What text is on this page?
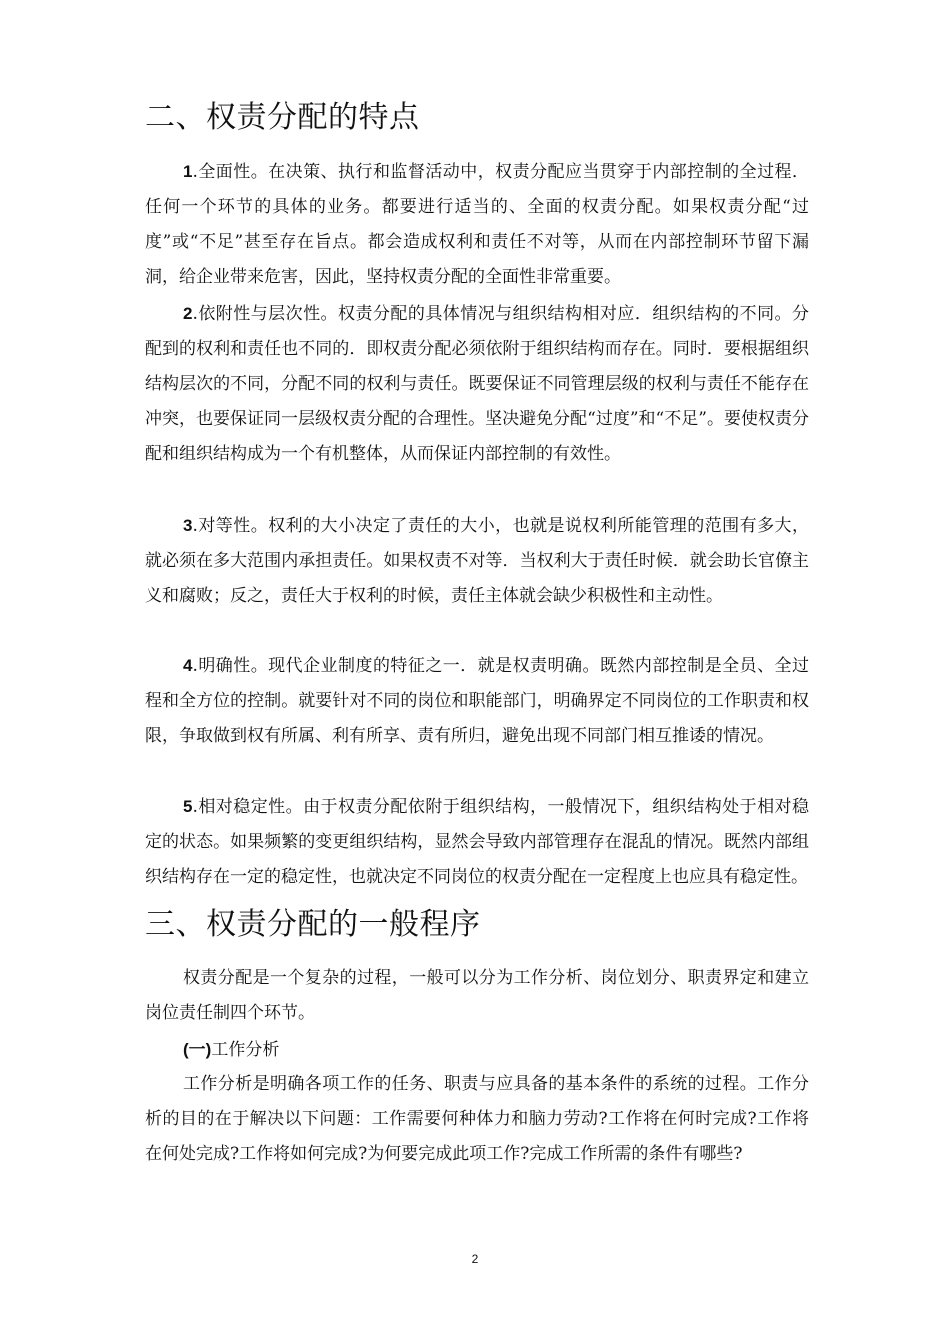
二、权责分配的特点

1.全面性。在决策、执行和监督活动中，权责分配应当贯穿于内部控制的全过程．任何一个环节的具体的业务。都要进行适当的、全面的权责分配。如果权责分配“过度”或“不足”甚至存在旨点。都会造成权利和责任不对等，从而在内部控制环节留下漏洞，给企业带来危害，因此，坚持权责分配的全面性非常重要。

2.依附性与层次性。权责分配的具体情况与组织结构相对应．组织结构的不同。分配到的权利和责任也不同的．即权责分配必须依附于组织结构而存在。同时．要根据组织结构层次的不同，分配不同的权利与责任。既要保证不同管理层级的权利与责任不能存在冲突，也要保证同一层级权责分配的合理性。坚决避免分配“过度”和“不足”。要使权责分配和组织结构成为一个有机整体，从而保证内部控制的有效性。

3.对等性。权利的大小决定了责任的大小，也就是说权利所能管理的范围有多大，就必须在多大范围内承担责任。如果权责不对等．当权利大于责任时候．就会助长官僚主义和腐败；反之，责任大于权利的时候，责任主体就会缺少积极性和主动性。

4.明确性。现代企业制度的特征之一．就是权责明确。既然内部控制是全员、全过程和全方位的控制。就要针对不同的岗位和职能部门，明确界定不同岗位的工作职责和权限，争取做到权有所属、利有所享、责有所归，避免出现不同部门相互推诿的情况。

5.相对稳定性。由于权责分配依附于组织结构，一般情况下，组织结构处于相对稳定的状态。如果频繁的变更组织结构，显然会导致内部管理存在混乱的情况。既然内部组织结构存在一定的稳定性，也就决定不同岗位的权责分配在一定程度上也应具有稳定性。

三、权责分配的一般程序

权责分配是一个复杂的过程，一般可以分为工作分析、岗位划分、职责界定和建立岗位责任制四个环节。

(一)工作分析

工作分析是明确各项工作的任务、职责与应具备的基本条件的系统的过程。工作分析的目的在于解决以下问题：工作需要何种体力和脑力劳动?工作将在何时完成?工作将在何处完成?工作将如何完成?为何要完成此项工作?完成工作所需的条件有哪些?

2
